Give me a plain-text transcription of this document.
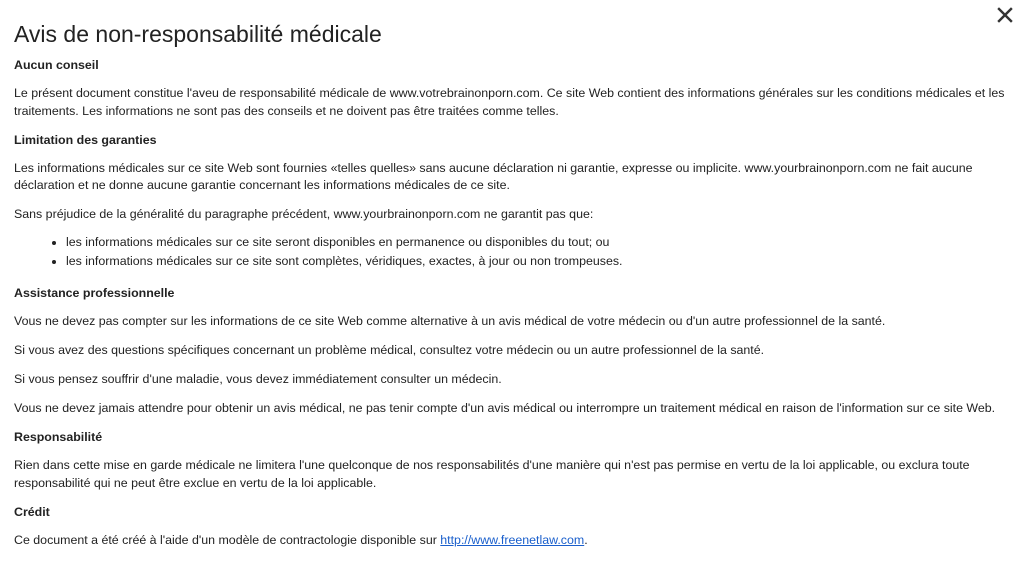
Avis de non-responsabilité médicale
Aucun conseil

Le présent document constitue l'aveu de responsabilité médicale de www.votrebrainonporn.com. Ce site Web contient des informations générales sur les conditions médicales et les traitements. Les informations ne sont pas des conseils et ne doivent pas être traitées comme telles.

Limitation des garanties

Les informations médicales sur ce site Web sont fournies «telles quelles» sans aucune déclaration ni garantie, expresse ou implicite. www.yourbrainonporn.com ne fait aucune déclaration et ne donne aucune garantie concernant les informations médicales de ce site.

Sans préjudice de la généralité du paragraphe précédent, www.yourbrainonporn.com ne garantit pas que:

• les informations médicales sur ce site seront disponibles en permanence ou disponibles du tout; ou
• les informations médicales sur ce site sont complètes, véridiques, exactes, à jour ou non trompeuses.
Assistance professionnelle

Vous ne devez pas compter sur les informations de ce site Web comme alternative à un avis médical de votre médecin ou d'un autre professionnel de la santé.

Si vous avez des questions spécifiques concernant un problème médical, consultez votre médecin ou un autre professionnel de la santé.

Si vous pensez souffrir d'une maladie, vous devez immédiatement consulter un médecin.

Vous ne devez jamais attendre pour obtenir un avis médical, ne pas tenir compte d'un avis médical ou interrompre un traitement médical en raison de l'information sur ce site Web.

Responsabilité

Rien dans cette mise en garde médicale ne limitera l'une quelconque de nos responsabilités d'une manière qui n'est pas permise en vertu de la loi applicable, ou exclura toute responsabilité qui ne peut être exclue en vertu de la loi applicable.

Crédit

Ce document a été créé à l'aide d'un modèle de contractologie disponible sur http://www.freenetlaw.com.
